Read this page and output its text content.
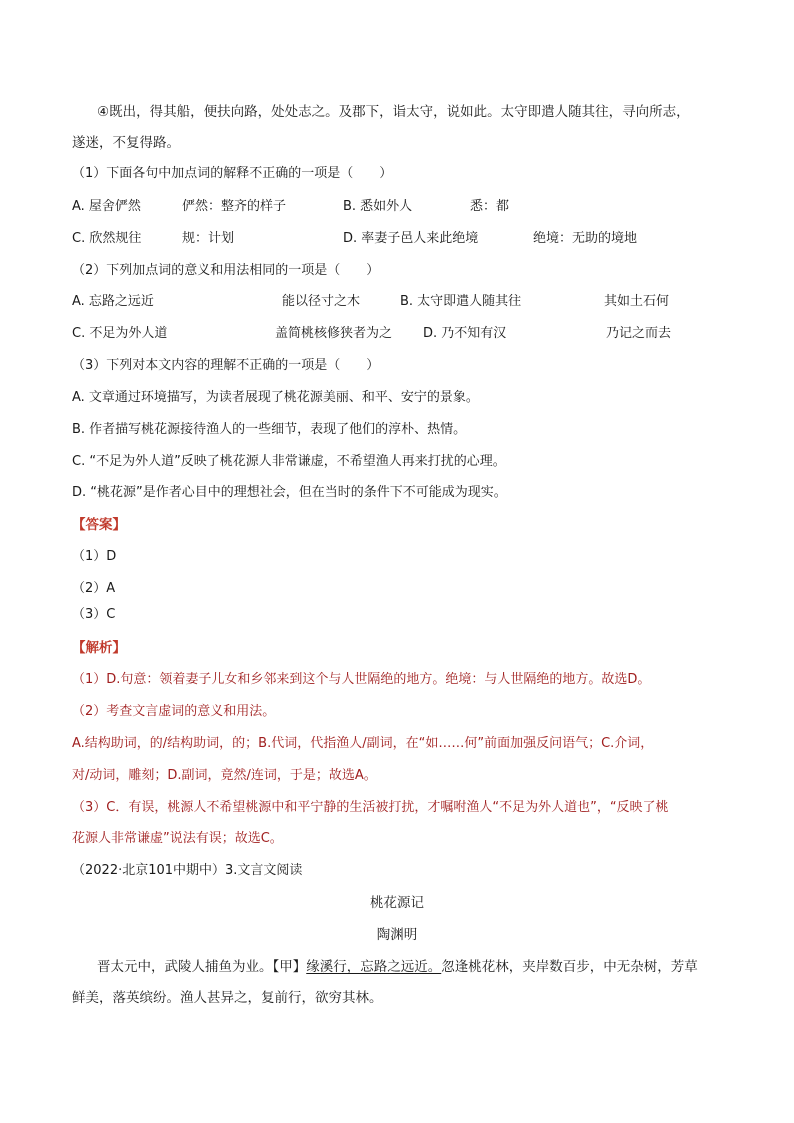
④既出，得其船，便扶向路，处处志之。及郡下，诣太守，说如此。太守即遣人随其往，寻向所志，
遂迷，不复得路。
（1）下面各句中加点词的解释不正确的一项是（　　）
A. 屋舍俨然	俨然：整齐的样子	B. 悉如外人	悉：都
C. 欣然规往	规：计划	D. 率妻子邑人来此绝境	绝境：无助的境地
（2）下列加点词的意义和用法相同的一项是（　　）
A. 忘路之远近	能以径寸之木	B. 太守即遣人随其往	其如土石何
C. 不足为外人道	盖简桃核修狭者为之 D. 乃不知有汉	乃记之而去
（3）下列对本文内容的理解不正确的一项是（　　）
A. 文章通过环境描写，为读者展现了桃花源美丽、和平、安宁的景象。
B. 作者描写桃花源接待渔人的一些细节，表现了他们的淳朴、热情。
C. “不足为外人道”反映了桃花源人非常谦虚，不希望渔人再来打扰的心理。
D. “桃花源”是作者心目中的理想社会，但在当时的条件下不可能成为现实。
【答案】
（1）D
（2）A
（3）C
【解析】
（1）D.句意：领着妻子儿女和乡邻来到这个与人世隔绝的地方。绝境：与人世隔绝的地方。故选D。
（2）考查文言虚词的意义和用法。
A.结构助词，的/结构助词，的；B.代词，代指渔人/副词，在“如……何”前面加强反问语气；C.介词，
对/动词，雕刻；D.副词，竟然/连词，于是；故选A。
（3）C．有误，桃源人不希望桃源中和平宁静的生活被打扰，才嘱咐渔人“不足为外人道也”，“反映了桃
花源人非常谦虚”说法有误；故选C。
（2022·北京101中期中）3.文言文阅读
桃花源记
陶渊明
晋太元中，武陵人捕鱼为业。【甲】缘溪行，忘路之远近。忽逢桃花林，夹岸数百步，中无杂树，芳草
鲜美，落英缤纷。渔人甚异之，复前行，欲穷其林。
